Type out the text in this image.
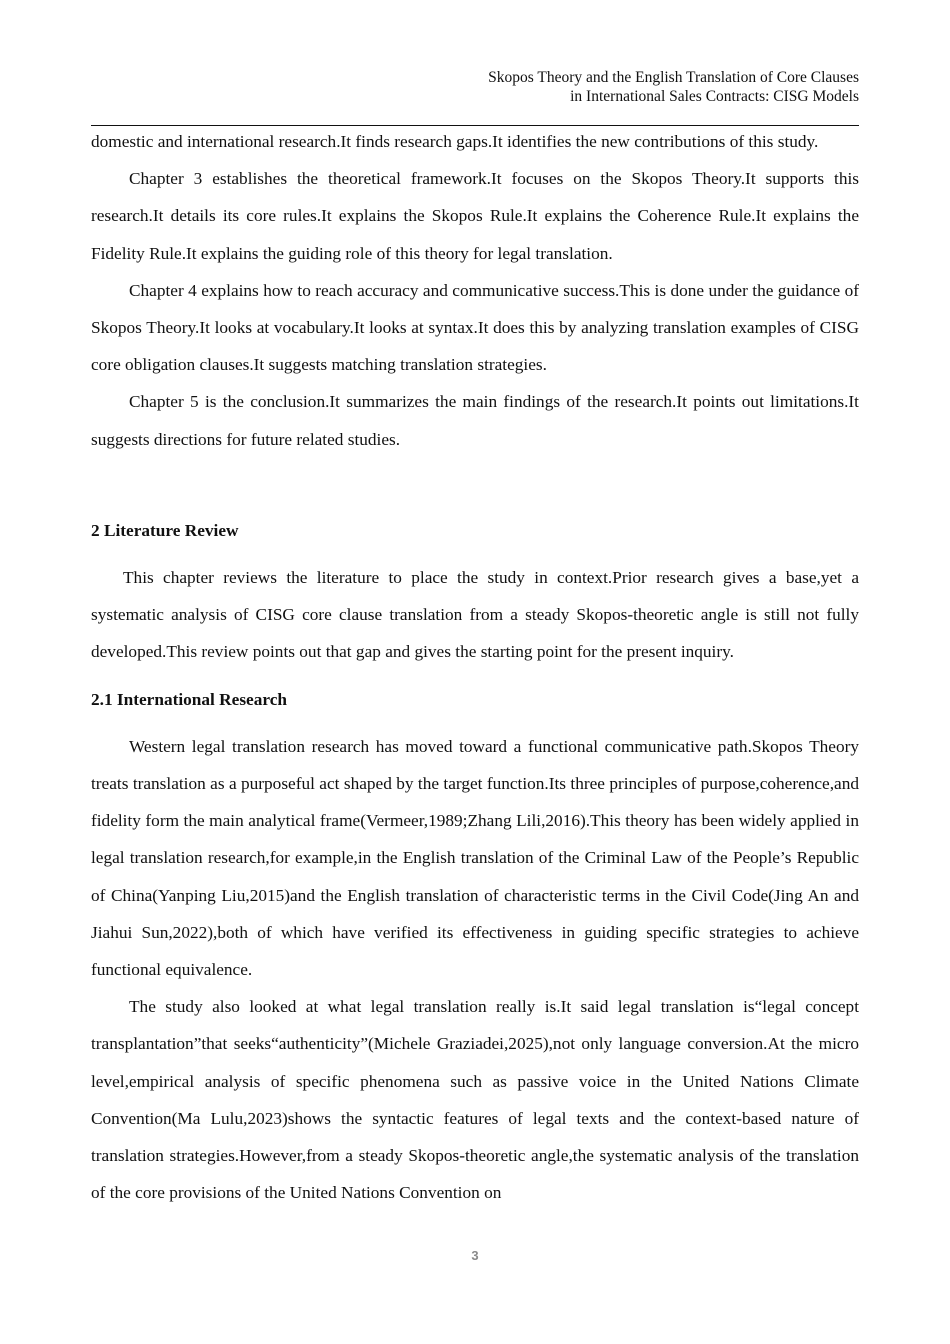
Skopos Theory and the English Translation of Core Clauses
in International Sales Contracts: CISG Models

domestic and international research.It finds research gaps.It identifies the new contributions of this study.

Chapter 3 establishes the theoretical framework.It focuses on the Skopos Theory.It supports this research.It details its core rules.It explains the Skopos Rule.It explains the Coherence Rule.It explains the Fidelity Rule.It explains the guiding role of this theory for legal translation.

Chapter 4 explains how to reach accuracy and communicative success.This is done under the guidance of Skopos Theory.It looks at vocabulary.It looks at syntax.It does this by analyzing translation examples of CISG core obligation clauses.It suggests matching translation strategies.

Chapter 5 is the conclusion.It summarizes the main findings of the research.It points out limitations.It suggests directions for future related studies.

2 Literature Review

This chapter reviews the literature to place the study in context.Prior research gives a base,yet a systematic analysis of CISG core clause translation from a steady Skopos-theoretic angle is still not fully developed.This review points out that gap and gives the starting point for the present inquiry.

2.1 International Research

Western legal translation research has moved toward a functional communicative path.Skopos Theory treats translation as a purposeful act shaped by the target function.Its three principles of purpose,coherence,and fidelity form the main analytical frame(Vermeer,1989;Zhang Lili,2016).This theory has been widely applied in legal translation research,for example,in the English translation of the Criminal Law of the People’s Republic of China(Yanping Liu,2015)and the English translation of characteristic terms in the Civil Code(Jing An and Jiahui Sun,2022),both of which have verified its effectiveness in guiding specific strategies to achieve functional equivalence.

The study also looked at what legal translation really is.It said legal translation is“legal concept transplantation”that seeks“authenticity”(Michele Graziadei,2025),not only language conversion.At the micro level,empirical analysis of specific phenomena such as passive voice in the United Nations Climate Convention(Ma Lulu,2023)shows the syntactic features of legal texts and the context-based nature of translation strategies.However,from a steady Skopos-theoretic angle,the systematic analysis of the translation of the core provisions of the United Nations Convention on

3
